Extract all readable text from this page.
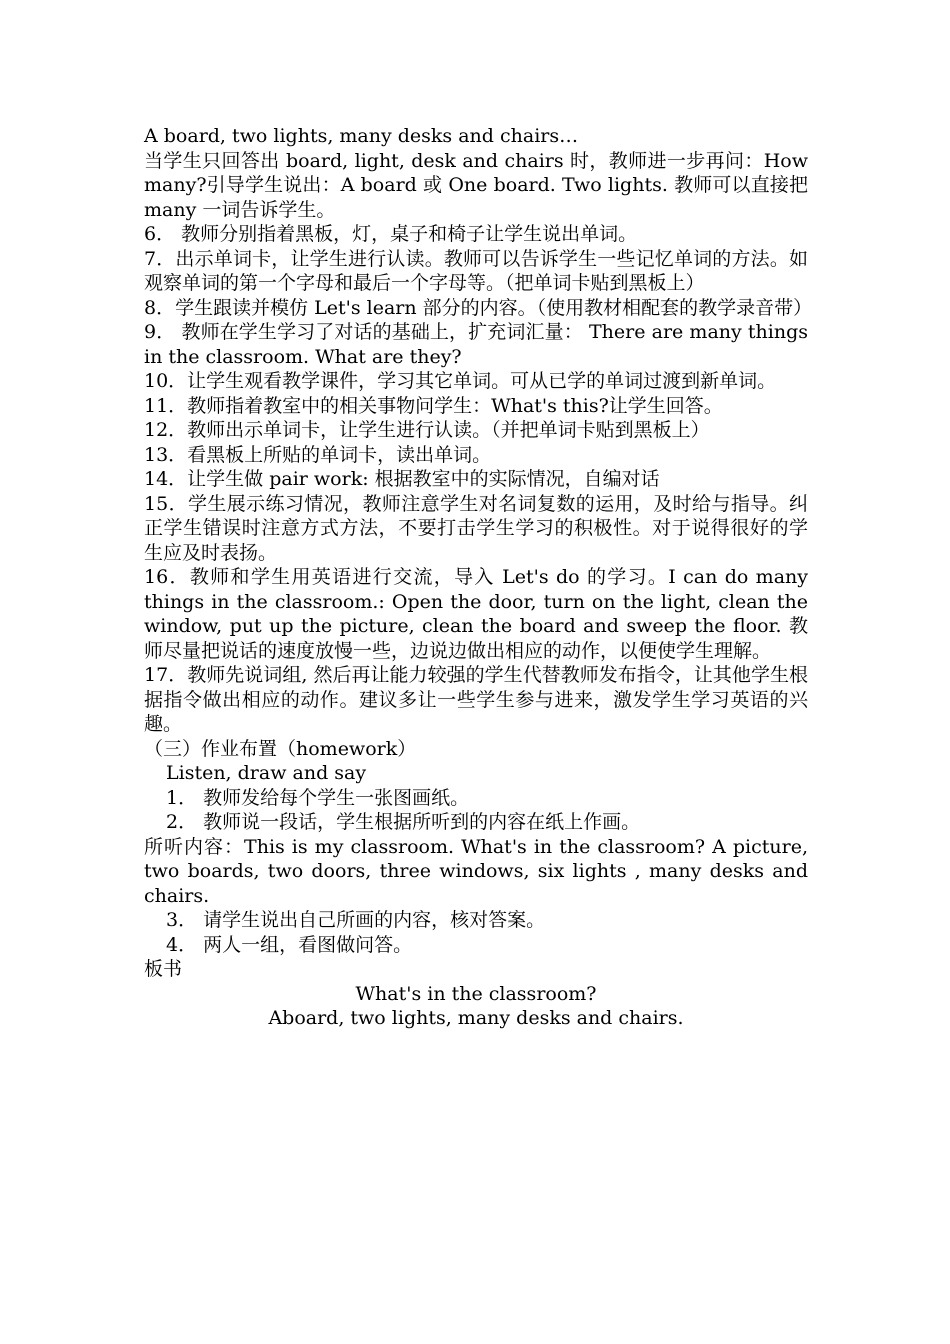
A board, two lights, many desks and chairs…
当学生只回答出 board, light, desk and chairs 时，教师进一步再问：How many?引导学生说出：A board 或 One board. Two lights. 教师可以直接把 many 一词告诉学生。
6． 教师分别指着黑板，灯，桌子和椅子让学生说出单词。
7．出示单词卡，让学生进行认读。教师可以告诉学生一些记忆单词的方法。如观察单词的第一个字母和最后一个字母等。（把单词卡贴到黑板上）
8．学生跟读并模仿 Let's learn 部分的内容。（使用教材相配套的教学录音带）
9． 教师在学生学习了对话的基础上，扩充词汇量： There are many things in the classroom. What are they?
10．让学生观看教学课件，学习其它单词。可从已学的单词过渡到新单词。
11．教师指着教室中的相关事物问学生：What's this?让学生回答。
12．教师出示单词卡，让学生进行认读。（并把单词卡贴到黑板上）
13．看黑板上所贴的单词卡，读出单词。
14．让学生做 pair work: 根据教室中的实际情况，自编对话
15．学生展示练习情况，教师注意学生对名词复数的运用，及时给与指导。纠正学生错误时注意方式方法，不要打击学生学习的积极性。对于说得很好的学生应及时表扬。
16．教师和学生用英语进行交流，导入 Let's do 的学习。I can do many things in the classroom.: Open the door, turn on the light, clean the window, put up the picture, clean the board and sweep the floor. 教师尽量把说话的速度放慢一些，边说边做出相应的动作，以便使学生理解。
17．教师先说词组, 然后再让能力较强的学生代替教师发布指令，让其他学生根据指令做出相应的动作。建议多让一些学生参与进来，激发学生学习英语的兴趣。
（三）作业布置（homework）
Listen, draw and say
1． 教师发给每个学生一张图画纸。
2． 教师说一段话，学生根据所听到的内容在纸上作画。
所听内容：This is my classroom. What's in the classroom? A picture, two boards, two doors, three windows, six lights , many desks and chairs.
3． 请学生说出自己所画的内容，核对答案。
4． 两人一组，看图做问答。
板书
What's in the classroom?
Aboard, two lights, many desks and chairs.
